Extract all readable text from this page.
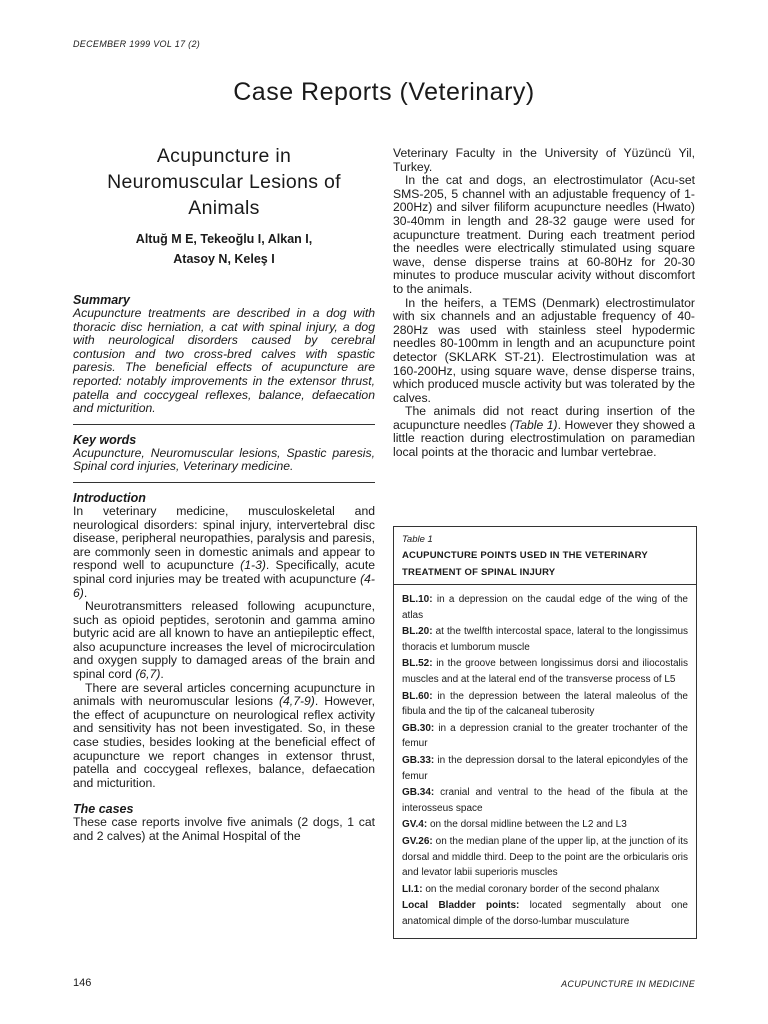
DECEMBER 1999 VOL 17 (2)
Case Reports (Veterinary)
Acupuncture in
Neuromuscular Lesions of
Animals
Altuğ M E, Tekeoğlu I, Alkan I,
Atasoy N, Keleş I

Summary

Acupuncture treatments are described in a dog with thoracic disc herniation, a cat with spinal injury, a dog with neurological disorders caused by cerebral contusion and two cross-bred calves with spastic paresis. The beneficial effects of acupuncture are reported: notably improvements in the extensor thrust, patella and coccygeal reflexes, balance, defaecation and micturition.

Key words

Acupuncture, Neuromuscular lesions, Spastic paresis, Spinal cord injuries, Veterinary medicine.

Introduction

In veterinary medicine, musculoskeletal and neurological disorders: spinal injury, intervertebral disc disease, peripheral neuropathies, paralysis and paresis, are commonly seen in domestic animals and appear to respond well to acupuncture (1-3). Specifically, acute spinal cord injuries may be treated with acupuncture (4-6).

Neurotransmitters released following acupuncture, such as opioid peptides, serotonin and gamma amino butyric acid are all known to have an antiepileptic effect, also acupuncture increases the level of microcirculation and oxygen supply to damaged areas of the brain and spinal cord (6,7).

There are several articles concerning acupuncture in animals with neuromuscular lesions (4,7-9). However, the effect of acupuncture on neurological reflex activity and sensitivity has not been investigated. So, in these case studies, besides looking at the beneficial effect of acupuncture we report changes in extensor thrust, patella and coccygeal reflexes, balance, defaecation and micturition.

The cases

These case reports involve five animals (2 dogs, 1 cat and 2 calves) at the Animal Hospital of the

Veterinary Faculty in the University of Yüzüncü Yil, Turkey.

In the cat and dogs, an electrostimulator (Acu-set SMS-205, 5 channel with an adjustable frequency of 1-200Hz) and silver filiform acupuncture needles (Hwato) 30-40mm in length and 28-32 gauge were used for acupuncture treatment. During each treatment period the needles were electrically stimulated using square wave, dense disperse trains at 60-80Hz for 20-30 minutes to produce muscular acivity without discomfort to the animals.

In the heifers, a TEMS (Denmark) electrostimulator with six channels and an adjustable frequency of 40-280Hz was used with stainless steel hypodermic needles 80-100mm in length and an acupuncture point detector (SKLARK ST-21). Electrostimulation was at 160-200Hz, using square wave, dense disperse trains, which produced muscle activity but was tolerated by the calves.

The animals did not react during insertion of the acupuncture needles (Table 1). However they showed a little reaction during electrostimulation on paramedian local points at the thoracic and lumbar vertebrae.

Table 1
ACUPUNCTURE POINTS USED IN THE VETERINARY TREATMENT OF SPINAL INJURY

BL.10: in a depression on the caudal edge of the wing of the atlas

BL.20: at the twelfth intercostal space, lateral to the longissimus thoracis et lumborum muscle

BL.52: in the groove between longissimus dorsi and iliocostalis muscles and at the lateral end of the transverse process of L5

BL.60: in the depression between the lateral maleolus of the fibula and the tip of the calcaneal tuberosity

GB.30: in a depression cranial to the greater trochanter of the femur

GB.33: in the depression dorsal to the lateral epicondyles of the femur

GB.34: cranial and ventral to the head of the fibula at the interosseus space

GV.4: on the dorsal midline between the L2 and L3

GV.26: on the median plane of the upper lip, at the junction of its dorsal and middle third. Deep to the point are the orbicularis oris and levator labii superioris muscles

LI.1: on the medial coronary border of the second phalanx

Local Bladder points: located segmentally about one anatomical dimple of the dorso-lumbar musculature

146	ACUPUNCTURE IN MEDICINE
